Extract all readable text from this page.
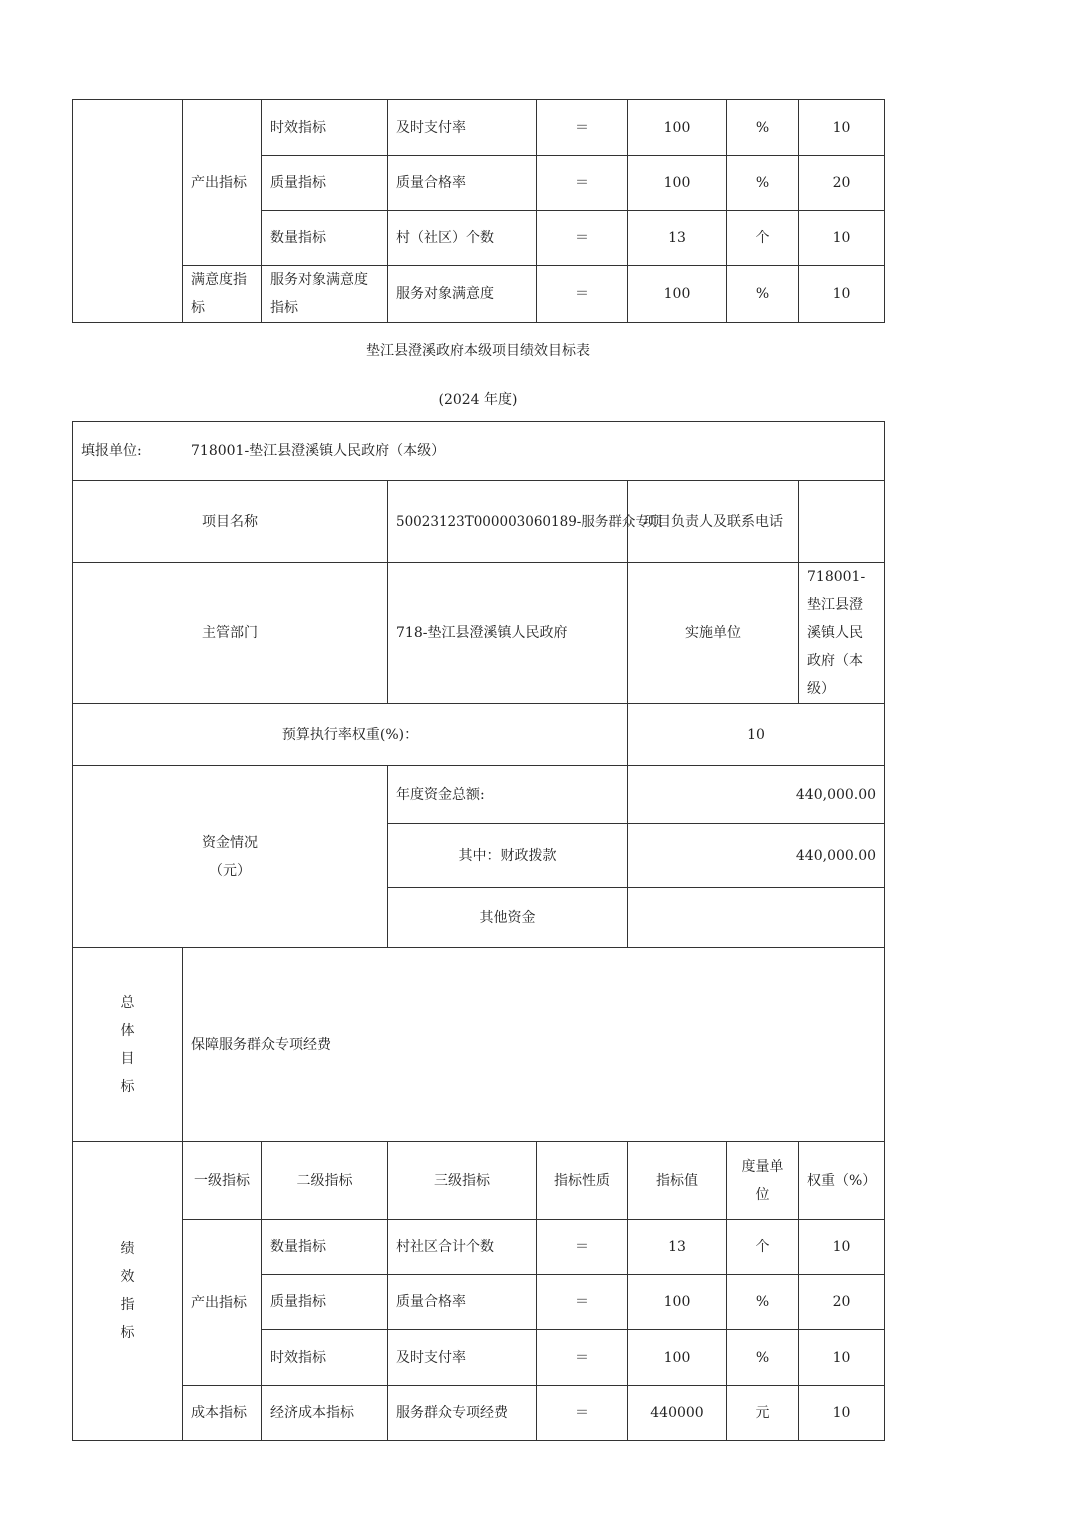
	产出指标	时效指标	及时支付率	＝	100	%	10
		质量指标	质量合格率	＝	100	%	20
		数量指标	村（社区）个数	＝	13	个	10
	满意度指标	服务对象满意度指标	服务对象满意度	＝	100	%	10
垫江县澄溪政府本级项目绩效目标表
(2024 年度)
填报单位: 718001-垫江县澄溪镇人民政府（本级）							
项目名称			50023123T000003060189-服务群众专项		项目负责人及联系电话		
主管部门			718-垫江县澄溪镇人民政府		实施单位		718001-垫江县澄溪镇人民政府（本级）
预算执行率权重(%)：					10		

资金情况
（元）			年度资金总额:		440,000.00		
			其中：财政拨款		440,000.00		
			其他资金				

总
体
目
标	保障服务群众专项经费						

绩
效
指
标	一级指标	二级指标	三级指标	指标性质	指标值	度量单位	权重（%）
	产出指标	数量指标	村社区合计个数	＝	13	个	10
		质量指标	质量合格率	＝	100	%	20
		时效指标	及时支付率	＝	100	%	10
	成本指标	经济成本指标	服务群众专项经费	＝	440000	元	10
